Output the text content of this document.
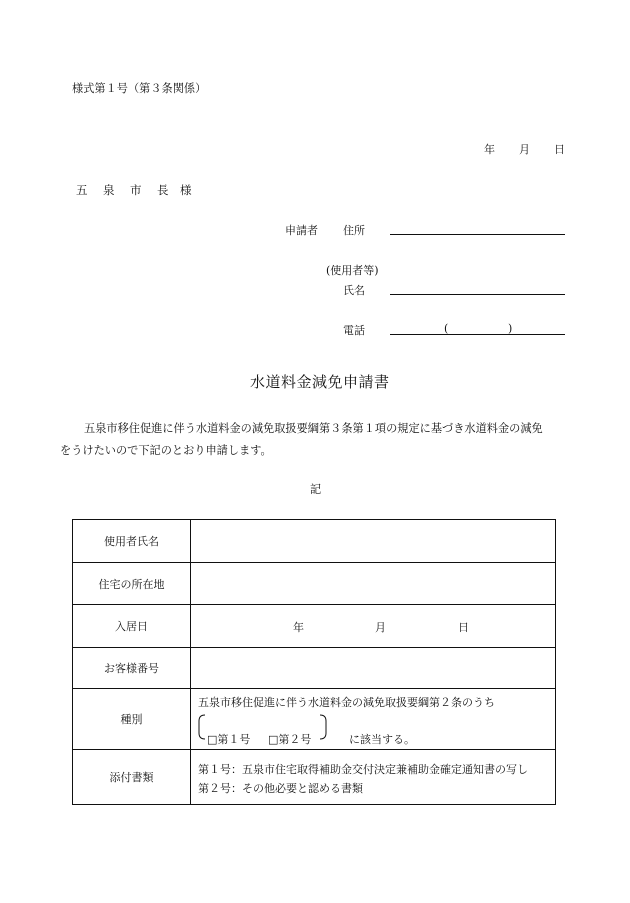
様式第１号（第３条関係）
年 月 日
五　泉　市　長 様
申請者 住所
(使用者等)
氏名
電話	(	)
水道料金減免申請書
五泉市移住促進に伴う水道料金の減免取扱要綱第３条第１項の規定に基づき水道料金の減免
をうけたいので下記のとおり申請します。
記
使用者氏名	
住宅の所在地	
入居日	年 月 日

お客様番号	
種別	五泉市移住促進に伴う水道料金の減免取扱要綱第２条のうち
□第１号 □第２号 に該当する。

添付書類	第１号：五泉市住宅取得補助金交付決定兼補助金確定通知書の写し
第２号：その他必要と認める書類
